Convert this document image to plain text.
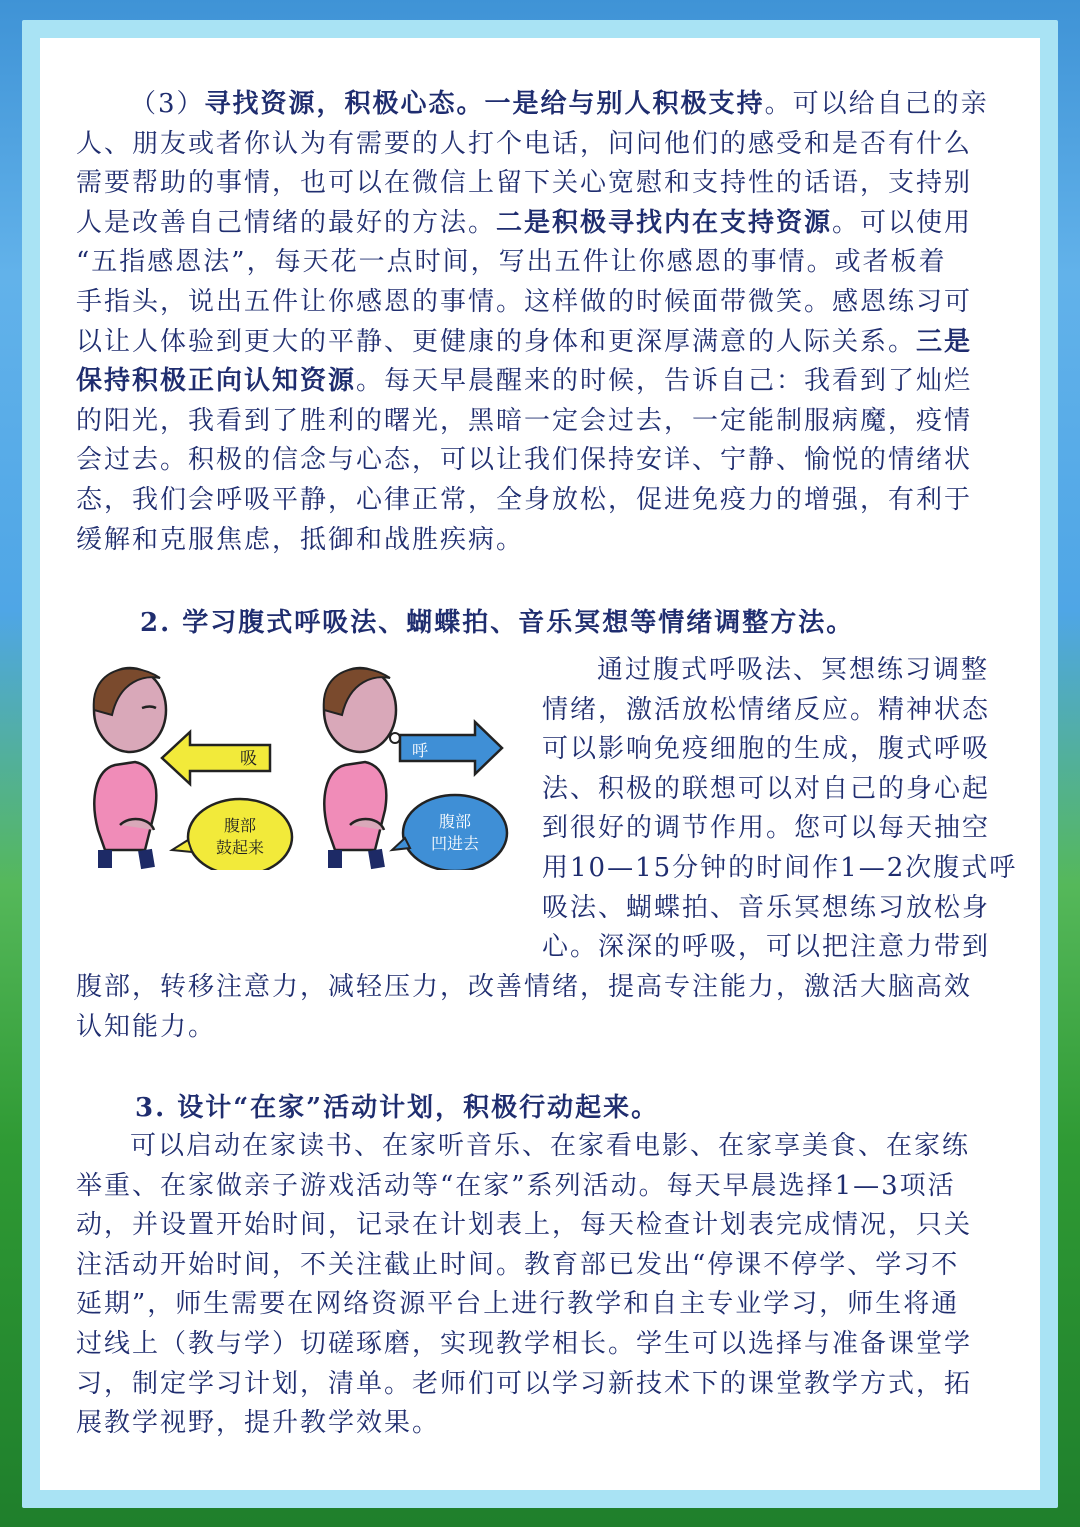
吸
腹部
鼓起来
呼
腹部
凹进去
（3）寻找资源，积极心态。一是给与别人积极支持。可以给自己的亲
人、朋友或者你认为有需要的人打个电话，问问他们的感受和是否有什么
需要帮助的事情，也可以在微信上留下关心宽慰和支持性的话语，支持别
人是改善自己情绪的最好的方法。二是积极寻找内在支持资源。可以使用
“五指感恩法”，每天花一点时间，写出五件让你感恩的事情。或者板着
手指头，说出五件让你感恩的事情。这样做的时候面带微笑。感恩练习可
以让人体验到更大的平静、更健康的身体和更深厚满意的人际关系。三是
保持积极正向认知资源。每天早晨醒来的时候，告诉自己：我看到了灿烂
的阳光，我看到了胜利的曙光，黑暗一定会过去，一定能制服病魔，疫情
会过去。积极的信念与心态，可以让我们保持安详、宁静、愉悦的情绪状
态，我们会呼吸平静，心律正常，全身放松，促进免疫力的增强，有利于
缓解和克服焦虑，抵御和战胜疾病。
2. 学习腹式呼吸法、蝴蝶拍、音乐冥想等情绪调整方法。
通过腹式呼吸法、冥想练习调整
情绪，激活放松情绪反应。精神状态
可以影响免疫细胞的生成，腹式呼吸
法、积极的联想可以对自己的身心起
到很好的调节作用。您可以每天抽空
用10—15分钟的时间作1—2次腹式呼
吸法、蝴蝶拍、音乐冥想练习放松身
心。深深的呼吸，可以把注意力带到
腹部，转移注意力，减轻压力，改善情绪，提高专注能力，激活大脑高效
认知能力。
3. 设计“在家”活动计划，积极行动起来。
可以启动在家读书、在家听音乐、在家看电影、在家享美食、在家练
举重、在家做亲子游戏活动等“在家”系列活动。每天早晨选择1—3项活
动，并设置开始时间，记录在计划表上，每天检查计划表完成情况，只关
注活动开始时间，不关注截止时间。教育部已发出“停课不停学、学习不
延期”，师生需要在网络资源平台上进行教学和自主专业学习，师生将通
过线上（教与学）切磋琢磨，实现教学相长。学生可以选择与准备课堂学
习，制定学习计划，清单。老师们可以学习新技术下的课堂教学方式，拓
展教学视野，提升教学效果。
